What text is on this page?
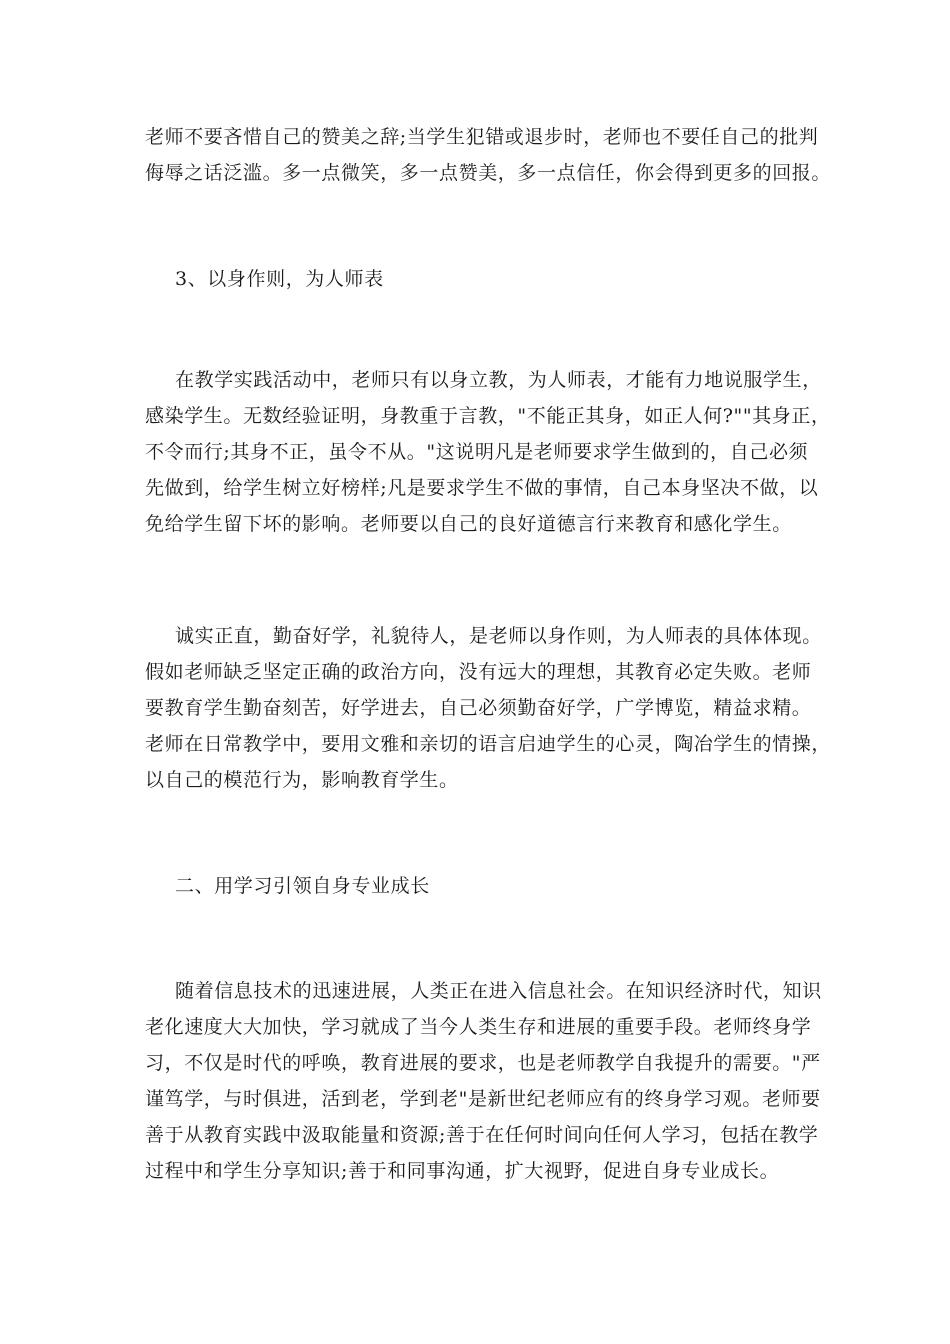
老师不要吝惜自己的赞美之辞;当学生犯错或退步时，老师也不要任自己的批判
侮辱之话泛滥。多一点微笑，多一点赞美，多一点信任，你会得到更多的回报。
3、以身作则，为人师表
在教学实践活动中，老师只有以身立教，为人师表，才能有力地说服学生，
感染学生。无数经验证明，身教重于言教，"不能正其身，如正人何?""其身正，
不令而行;其身不正，虽令不从。"这说明凡是老师要求学生做到的，自己必须
先做到，给学生树立好榜样;凡是要求学生不做的事情，自己本身坚决不做，以
免给学生留下坏的影响。老师要以自己的良好道德言行来教育和感化学生。
诚实正直，勤奋好学，礼貌待人，是老师以身作则，为人师表的具体体现。
假如老师缺乏坚定正确的政治方向，没有远大的理想，其教育必定失败。老师
要教育学生勤奋刻苦，好学进去，自己必须勤奋好学，广学博览，精益求精。
老师在日常教学中，要用文雅和亲切的语言启迪学生的心灵，陶冶学生的情操，
以自己的模范行为，影响教育学生。
二、用学习引领自身专业成长
随着信息技术的迅速进展，人类正在进入信息社会。在知识经济时代，知识
老化速度大大加快，学习就成了当今人类生存和进展的重要手段。老师终身学
习，不仅是时代的呼唤，教育进展的要求，也是老师教学自我提升的需要。"严
谨笃学，与时俱进，活到老，学到老"是新世纪老师应有的终身学习观。老师要
善于从教育实践中汲取能量和资源;善于在任何时间向任何人学习，包括在教学
过程中和学生分享知识;善于和同事沟通，扩大视野，促进自身专业成长。
